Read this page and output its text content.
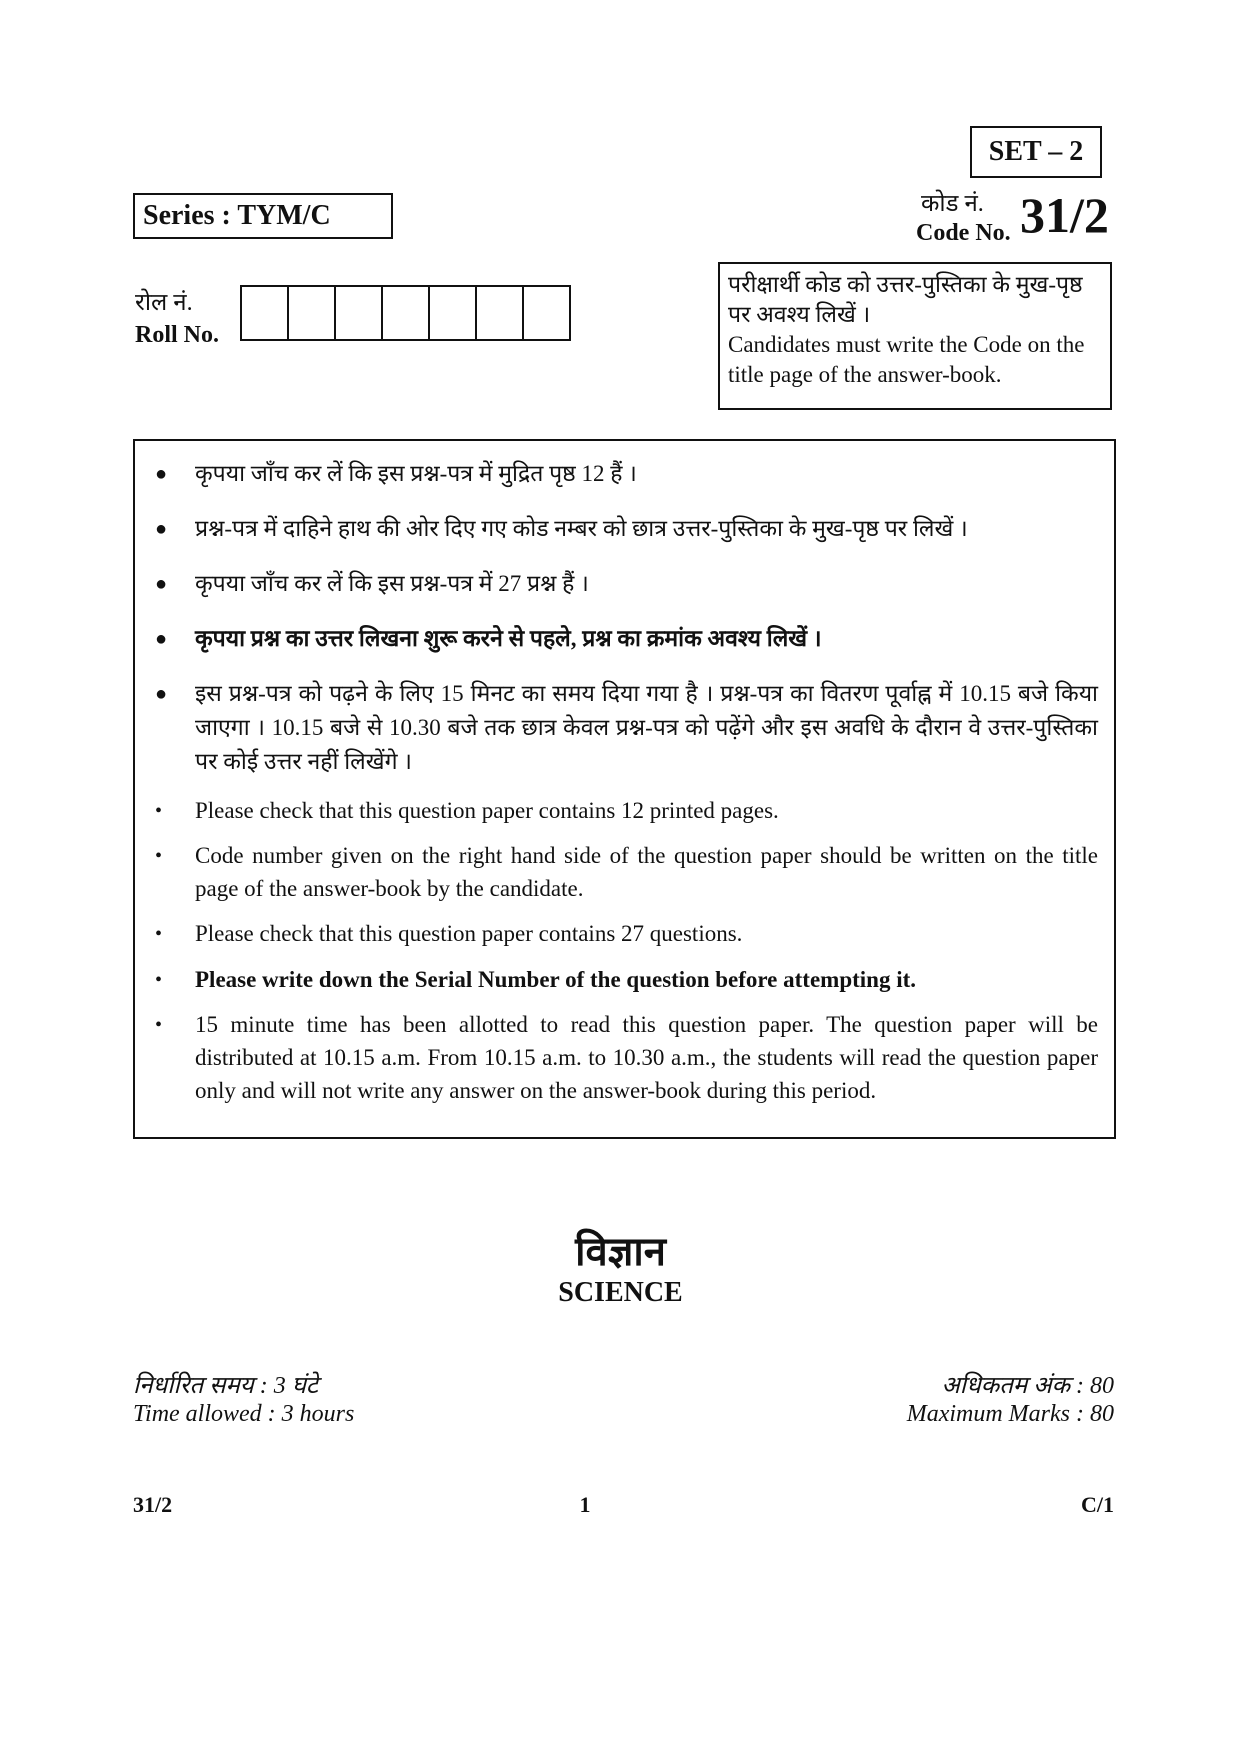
SET – 2
Series : TYM/C	कोड नं.
Code No. 31/2
रोल नं.
Roll No.
परीक्षार्थी कोड को उत्तर-पुस्तिका के मुख-पृष्ठ पर अवश्य लिखें ।
Candidates must write the Code on the title page of the answer-book.
●	कृपया जाँच कर लें कि इस प्रश्न-पत्र में मुद्रित पृष्ठ 12 हैं ।
●	प्रश्न-पत्र में दाहिने हाथ की ओर दिए गए कोड नम्बर को छात्र उत्तर-पुस्तिका के मुख-पृष्ठ पर लिखें ।
●	कृपया जाँच कर लें कि इस प्रश्न-पत्र में 27 प्रश्न हैं ।
●	कृपया प्रश्न का उत्तर लिखना शुरू करने से पहले, प्रश्न का क्रमांक अवश्य लिखें ।
●	इस प्रश्न-पत्र को पढ़ने के लिए 15 मिनट का समय दिया गया है । प्रश्न-पत्र का वितरण पूर्वाह्न में 10.15 बजे किया जाएगा । 10.15 बजे से 10.30 बजे तक छात्र केवल प्रश्न-पत्र को पढ़ेंगे और इस अवधि के दौरान वे उत्तर-पुस्तिका पर कोई उत्तर नहीं लिखेंगे ।
•	Please check that this question paper contains 12 printed pages.
•	Code number given on the right hand side of the question paper should be written on the title page of the answer-book by the candidate.
•	Please check that this question paper contains 27 questions.
•	Please write down the Serial Number of the question before attempting it.
•	15 minute time has been allotted to read this question paper. The question paper will be distributed at 10.15 a.m. From 10.15 a.m. to 10.30 a.m., the students will read the question paper only and will not write any answer on the answer-book during this period.
विज्ञान
SCIENCE
निर्धारित समय : 3 घंटे
Time allowed : 3 hours
अधिकतम अंक : 80
Maximum Marks : 80
31/2	1	C/1
